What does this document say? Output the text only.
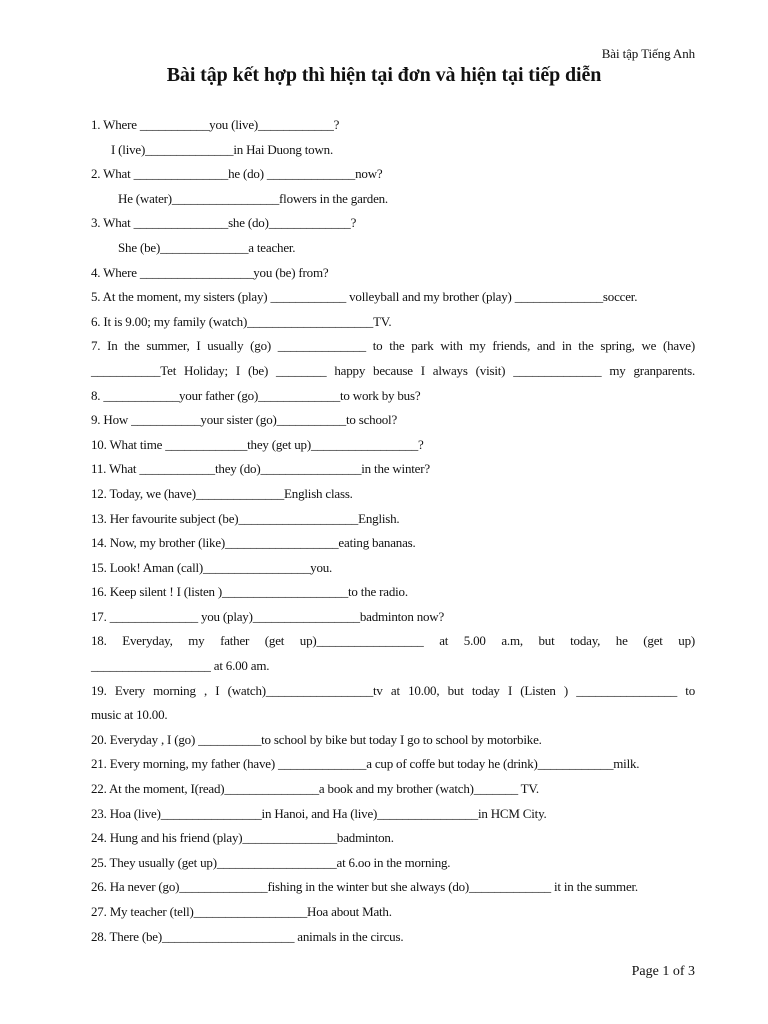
Bài tập Tiếng Anh
Bài tập kết hợp thì hiện tại đơn và hiện tại tiếp diễn
1. Where ___________you (live)____________?
I (live)______________in Hai Duong town.
2. What _______________he (do) ______________now?
He (water)_________________flowers in the garden.
3. What _______________she (do)_____________?
She (be)______________a teacher.
4. Where __________________you (be) from?
5. At the moment, my sisters (play) ____________ volleyball and my brother (play) ______________soccer.
6. It is 9.00; my family (watch)____________________TV.
7. In the summer, I usually (go) ______________ to the park with my friends, and in the spring, we (have)
___________Tet Holiday; I (be) ________ happy because I always (visit) ______________ my granparents.
8. ____________your father (go)_____________to work by bus?
9. How ___________your sister (go)___________to school?
10. What time _____________they (get up)_________________?
11. What ____________they (do)________________in the winter?
12. Today, we (have)______________English class.
13. Her favourite subject (be)___________________English.
14. Now, my brother (like)__________________eating bananas.
15. Look! Aman (call)_________________you.
16. Keep silent ! I (listen )____________________to the radio.
17. ______________ you (play)_________________badminton now?
18. Everyday, my father (get up)_________________ at 5.00 a.m, but today, he (get up)
___________________ at 6.00 am.
19. Every morning , I (watch)_________________tv at 10.00, but today I (Listen ) ________________ to
music at 10.00.
20. Everyday , I (go) __________to school by bike but today I go to school by motorbike.
21. Every morning, my father (have) ______________a cup of coffe but today he (drink)____________milk.
22. At the moment, I(read)_______________a book and my brother (watch)_______ TV.
23. Hoa (live)________________in Hanoi, and Ha (live)________________in HCM City.
24. Hung and his friend (play)_______________badminton.
25. They usually (get up)___________________at 6.oo in the morning.
26. Ha never (go)______________fishing in the winter but she always (do)_____________ it in the summer.
27. My teacher (tell)__________________Hoa about Math.
28. There (be)_____________________ animals in the circus.
Page 1 of 3
